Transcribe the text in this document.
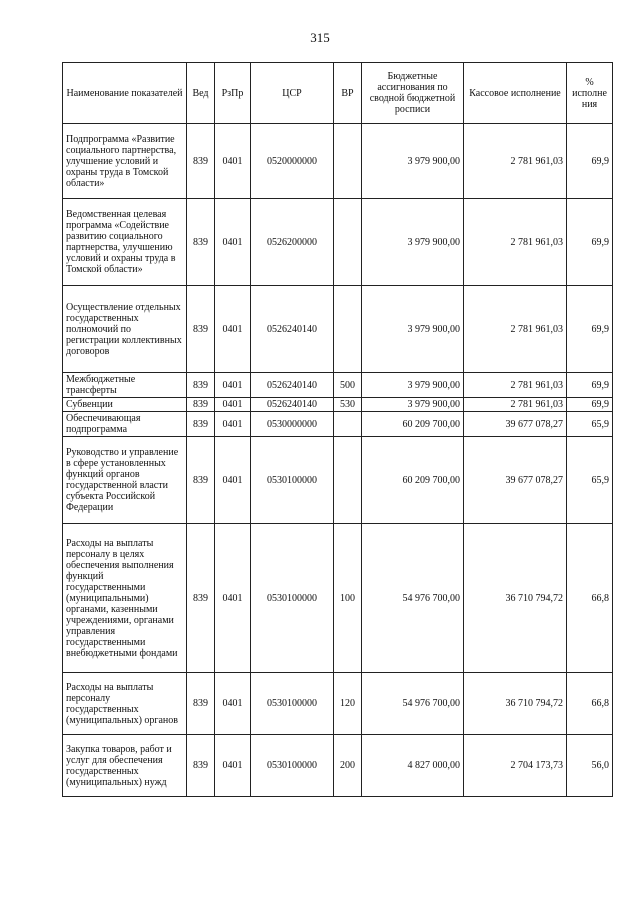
315
Наименование показателей	Вед	РзПр	ЦСР	ВР	Бюджетные ассигнования по сводной бюджетной росписи	Кассовое исполнение	% исполне ния
Подпрограмма «Развитие социального партнерства, улучшение условий и охраны труда в Томской области»	839	0401	0520000000		3 979 900,00	2 781 961,03	69,9
Ведомственная целевая программа «Содействие развитию социального партнерства, улучшению условий и охраны труда в Томской области»	839	0401	0526200000		3 979 900,00	2 781 961,03	69,9
Осуществление отдельных государственных полномочий по регистрации коллективных договоров	839	0401	0526240140		3 979 900,00	2 781 961,03	69,9
Межбюджетные трансферты	839	0401	0526240140	500	3 979 900,00	2 781 961,03	69,9
Субвенции	839	0401	0526240140	530	3 979 900,00	2 781 961,03	69,9
Обеспечивающая подпрограмма	839	0401	0530000000		60 209 700,00	39 677 078,27	65,9
Руководство и управление в сфере установленных функций органов государственной власти субъекта Российской Федерации	839	0401	0530100000		60 209 700,00	39 677 078,27	65,9
Расходы на выплаты персоналу в целях обеспечения выполнения функций государственными (муниципальными) органами, казенными учреждениями, органами управления государственными внебюджетными фондами	839	0401	0530100000	100	54 976 700,00	36 710 794,72	66,8
Расходы на выплаты персоналу государственных (муниципальных) органов	839	0401	0530100000	120	54 976 700,00	36 710 794,72	66,8
Закупка товаров, работ и услуг для обеспечения государственных (муниципальных) нужд	839	0401	0530100000	200	4 827 000,00	2 704 173,73	56,0
